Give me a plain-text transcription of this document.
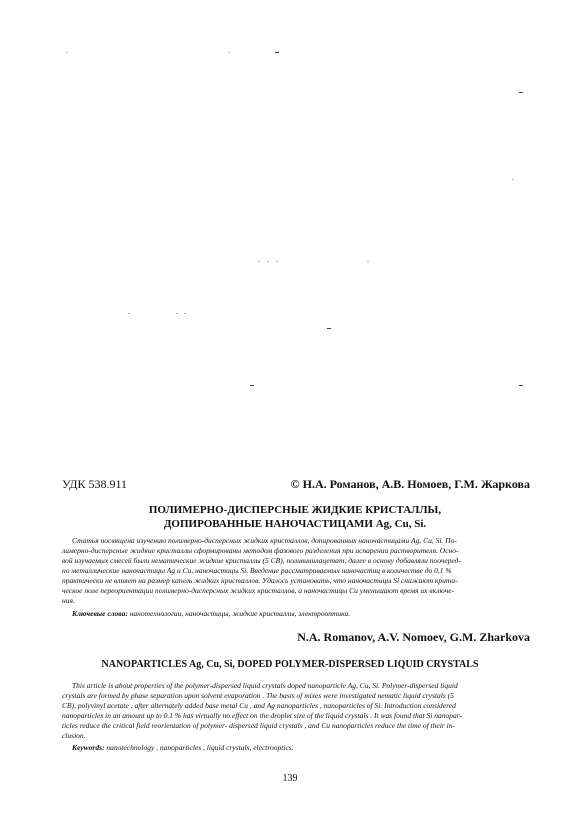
.	.
.
. . .	.
.	. .
УДК 538.911	© Н.А. Романов, А.В. Номоев, Г.М. Жаркова
ПОЛИМЕРНО-ДИСПЕРСНЫЕ ЖИДКИЕ КРИСТАЛЛЫ,
ДОПИРОВАННЫЕ НАНОЧАСТИЦАМИ Ag, Cu, Si.
Статья посвящена изучению полимерно-дисперсных жидких кристаллов, допированных наночастицами Ag, Cu, Si. По-
лимерно-дисперсные жидкие кристаллы сформированы методом фазового разделения при испарении растворителя. Осно-
вой изучаемых смесей были нематические жидкие кристаллы (5 CB), поливинилацетат, далее в основу добавляли поочеред-
но металлические наночастицы Ag и Cu, наночастицы Si. Введение рассматриваемых наночастиц в количестве до 0,1 %
практически не влияет на размер капель жидких кристаллов. Удалось установить, что наночастицы Si снижают крити-
ческое поле переориентации полимерно-дисперсных жидких кристаллов, а наночастицы Cu уменьшают время их включе-
ния.
Ключевые слова: нанотехнологии, наночастицы, жидкие кристаллы, электрооптика.
N.A. Romanov, A.V. Nomoev, G.M. Zharkova
NANOPARTICLES Ag, Cu, Si, DOPED POLYMER-DISPERSED LIQUID CRYSTALS
This article is about properties of the polymer-dispersed liquid crystals doped nanoparticle Ag, Cu, Si. Polymer-dispersed liquid
crystals are formed by phase separation upon solvent evaporation . The basis of mixes were investigated nematic liquid crystals (5
CB), polyvinyl acetate , after alternately added base metal Cu , and Ag nanoparticles , nanoparticles of Si. Introduction considered
nanoparticles in an amount up to 0.1 % has virtually no effect on the droplet size of the liquid crystals . It was found that Si nanopar-
ticles reduce the critical field reorientation of polymer- dispersed liquid crystals , and Cu nanoparticles reduce the time of their in-
clusion.
Keywords: nanotechnology , nanoparticles , liquid crystals, electrooptics.
139
